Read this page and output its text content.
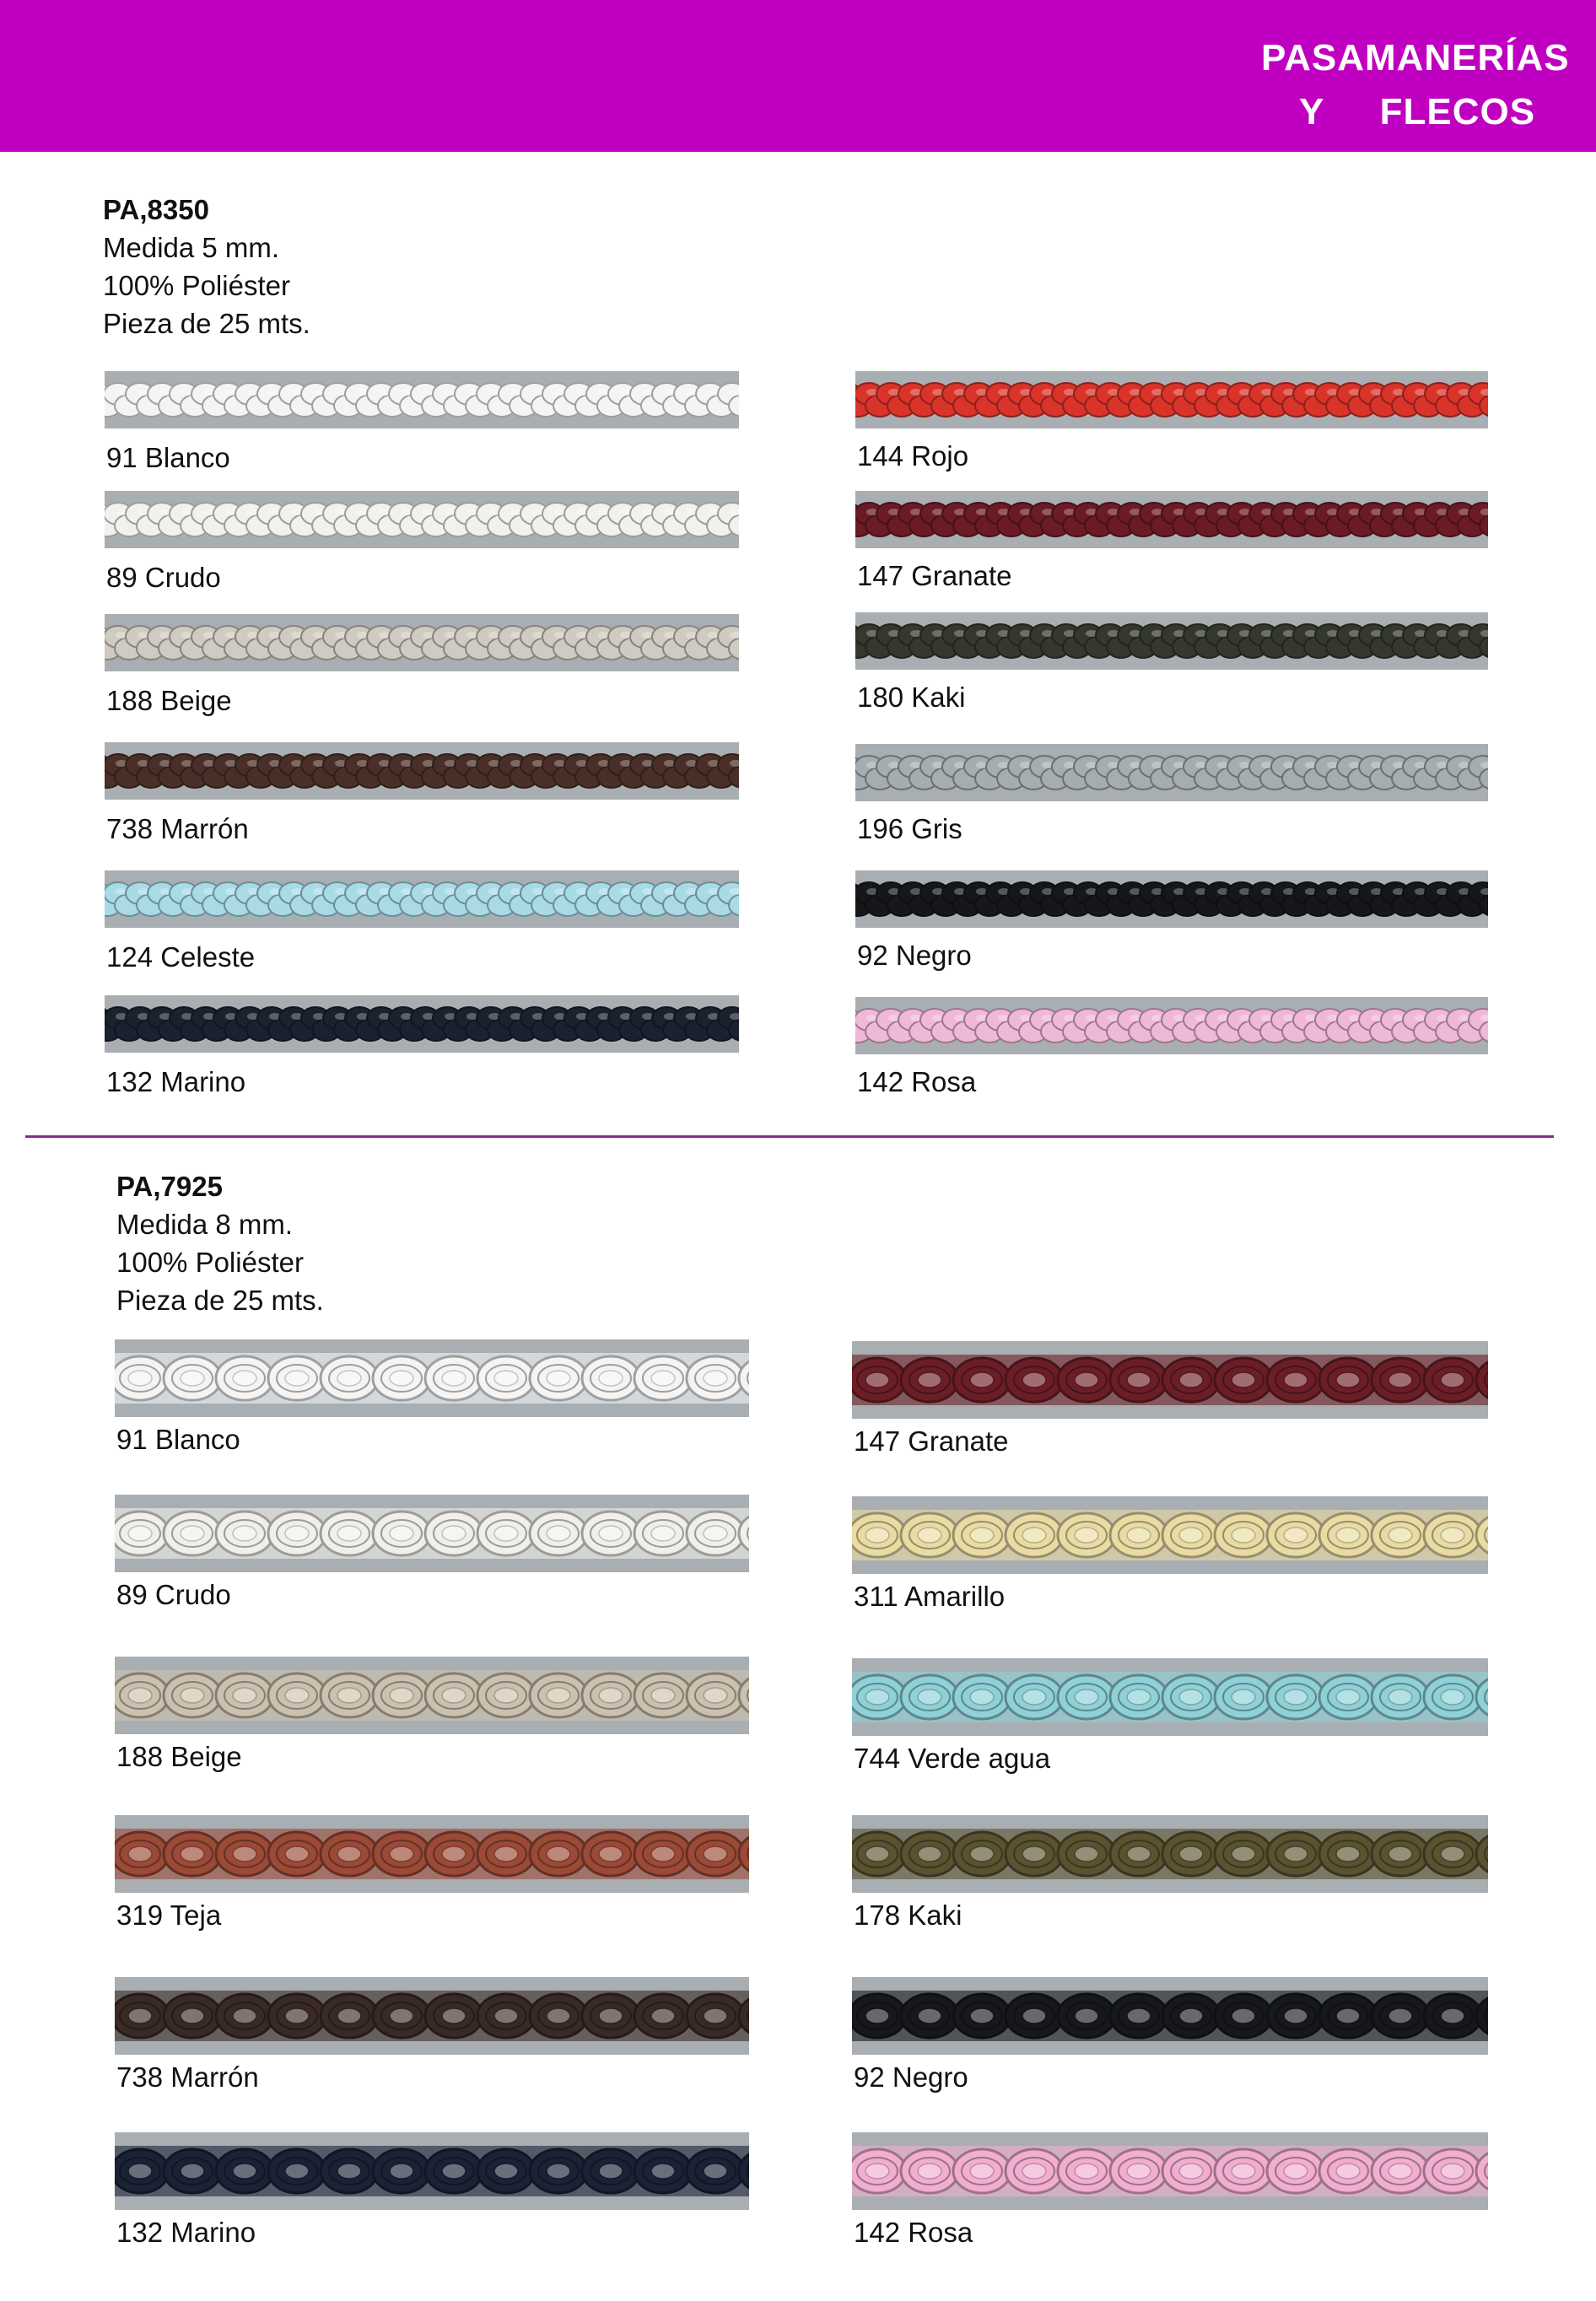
PASAMANERÍAS
Y     FLECOS
PA,8350
Medida 5 mm.
100% Poliéster
Pieza de 25 mts.
PA,7925
Medida 8 mm.
100% Poliéster
Pieza de 25 mts.
91 Blanco
89 Crudo
188 Beige
738 Marrón
124 Celeste
132 Marino
144 Rojo
147 Granate
180 Kaki
196 Gris
92 Negro
142 Rosa
91 Blanco
89 Crudo
188 Beige
319 Teja
738 Marrón
132 Marino
147 Granate
311 Amarillo
744 Verde agua
178 Kaki
92 Negro
142 Rosa
